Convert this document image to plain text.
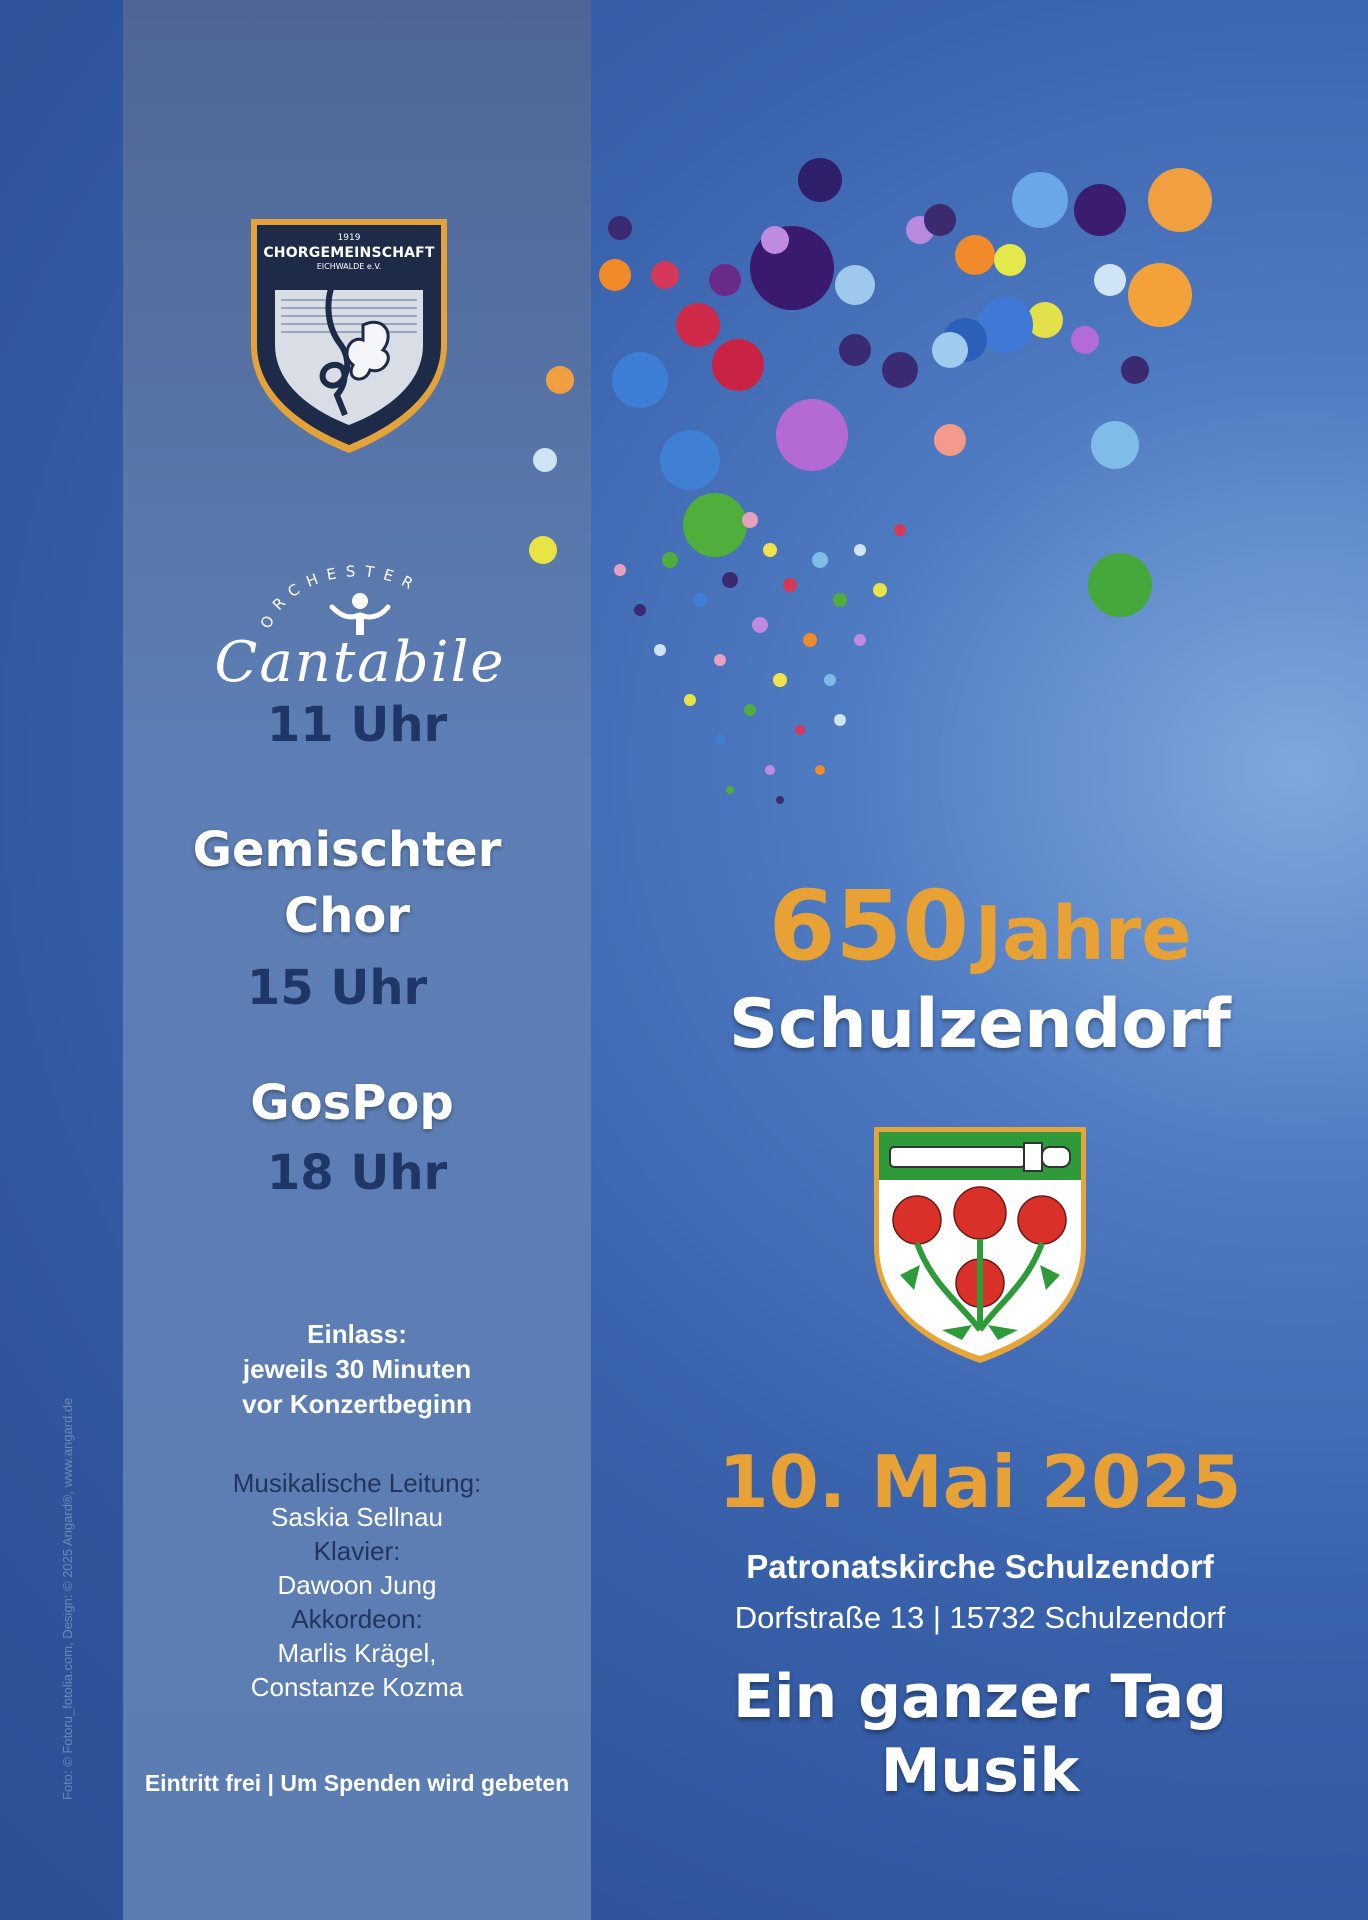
1919
CHORGEMEINSCHAFT
EICHWALDE e.V.
ORCHESTER
Cantabile
11 Uhr
Gemischter
Chor
15 Uhr
GosPop
18 Uhr
Einlass:
jeweils 30 Minuten
vor Konzertbeginn
Musikalische Leitung:
Saskia Sellnau
Klavier:
Dawoon Jung
Akkordeon:
Marlis Krägel,
Constanze Kozma
Eintritt frei | Um Spenden wird gebeten
Foto: © Fotoru_fotolia.com, Design: © 2025 Angard®, www.angard.de
650 Jahre
Schulzendorf
10. Mai 2025
Patronatskirche Schulzendorf
Dorfstraße 13 | 15732 Schulzendorf
Ein ganzer Tag
Musik
